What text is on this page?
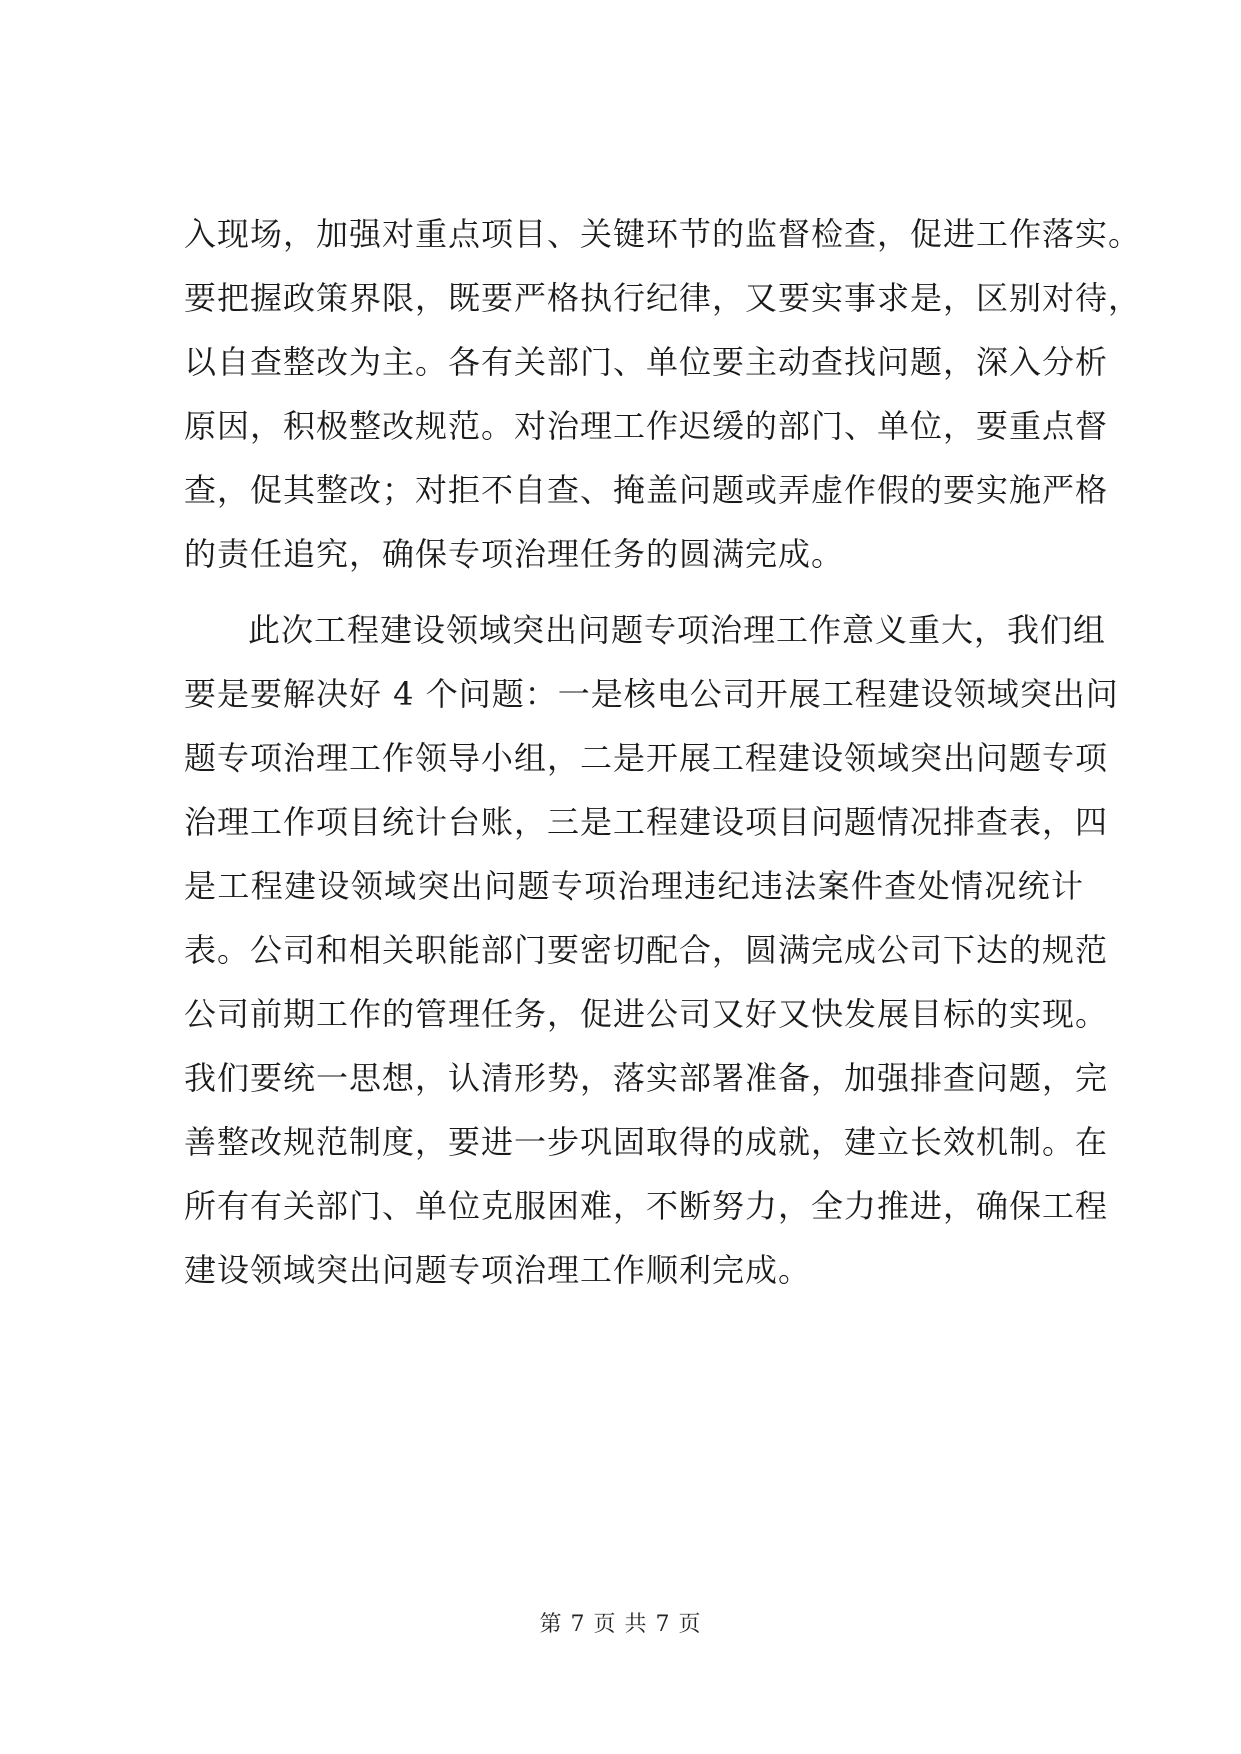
入现场，加强对重点项目、关键环节的监督检查，促进工作落实。
要把握政策界限，既要严格执行纪律，又要实事求是，区别对待，
以自查整改为主。各有关部门、单位要主动查找问题，深入分析
原因，积极整改规范。对治理工作迟缓的部门、单位，要重点督
查，促其整改；对拒不自查、掩盖问题或弄虚作假的要实施严格
的责任追究，确保专项治理任务的圆满完成。
此次工程建设领域突出问题专项治理工作意义重大，我们组
要是要解决好 4 个问题：一是核电公司开展工程建设领域突出问
题专项治理工作领导小组，二是开展工程建设领域突出问题专项
治理工作项目统计台账，三是工程建设项目问题情况排查表，四
是工程建设领域突出问题专项治理违纪违法案件查处情况统计
表。公司和相关职能部门要密切配合，圆满完成公司下达的规范
公司前期工作的管理任务，促进公司又好又快发展目标的实现。
我们要统一思想，认清形势，落实部署准备，加强排查问题，完
善整改规范制度，要进一步巩固取得的成就，建立长效机制。在
所有有关部门、单位克服困难，不断努力，全力推进，确保工程
建设领域突出问题专项治理工作顺利完成。
第 7 页 共 7 页
